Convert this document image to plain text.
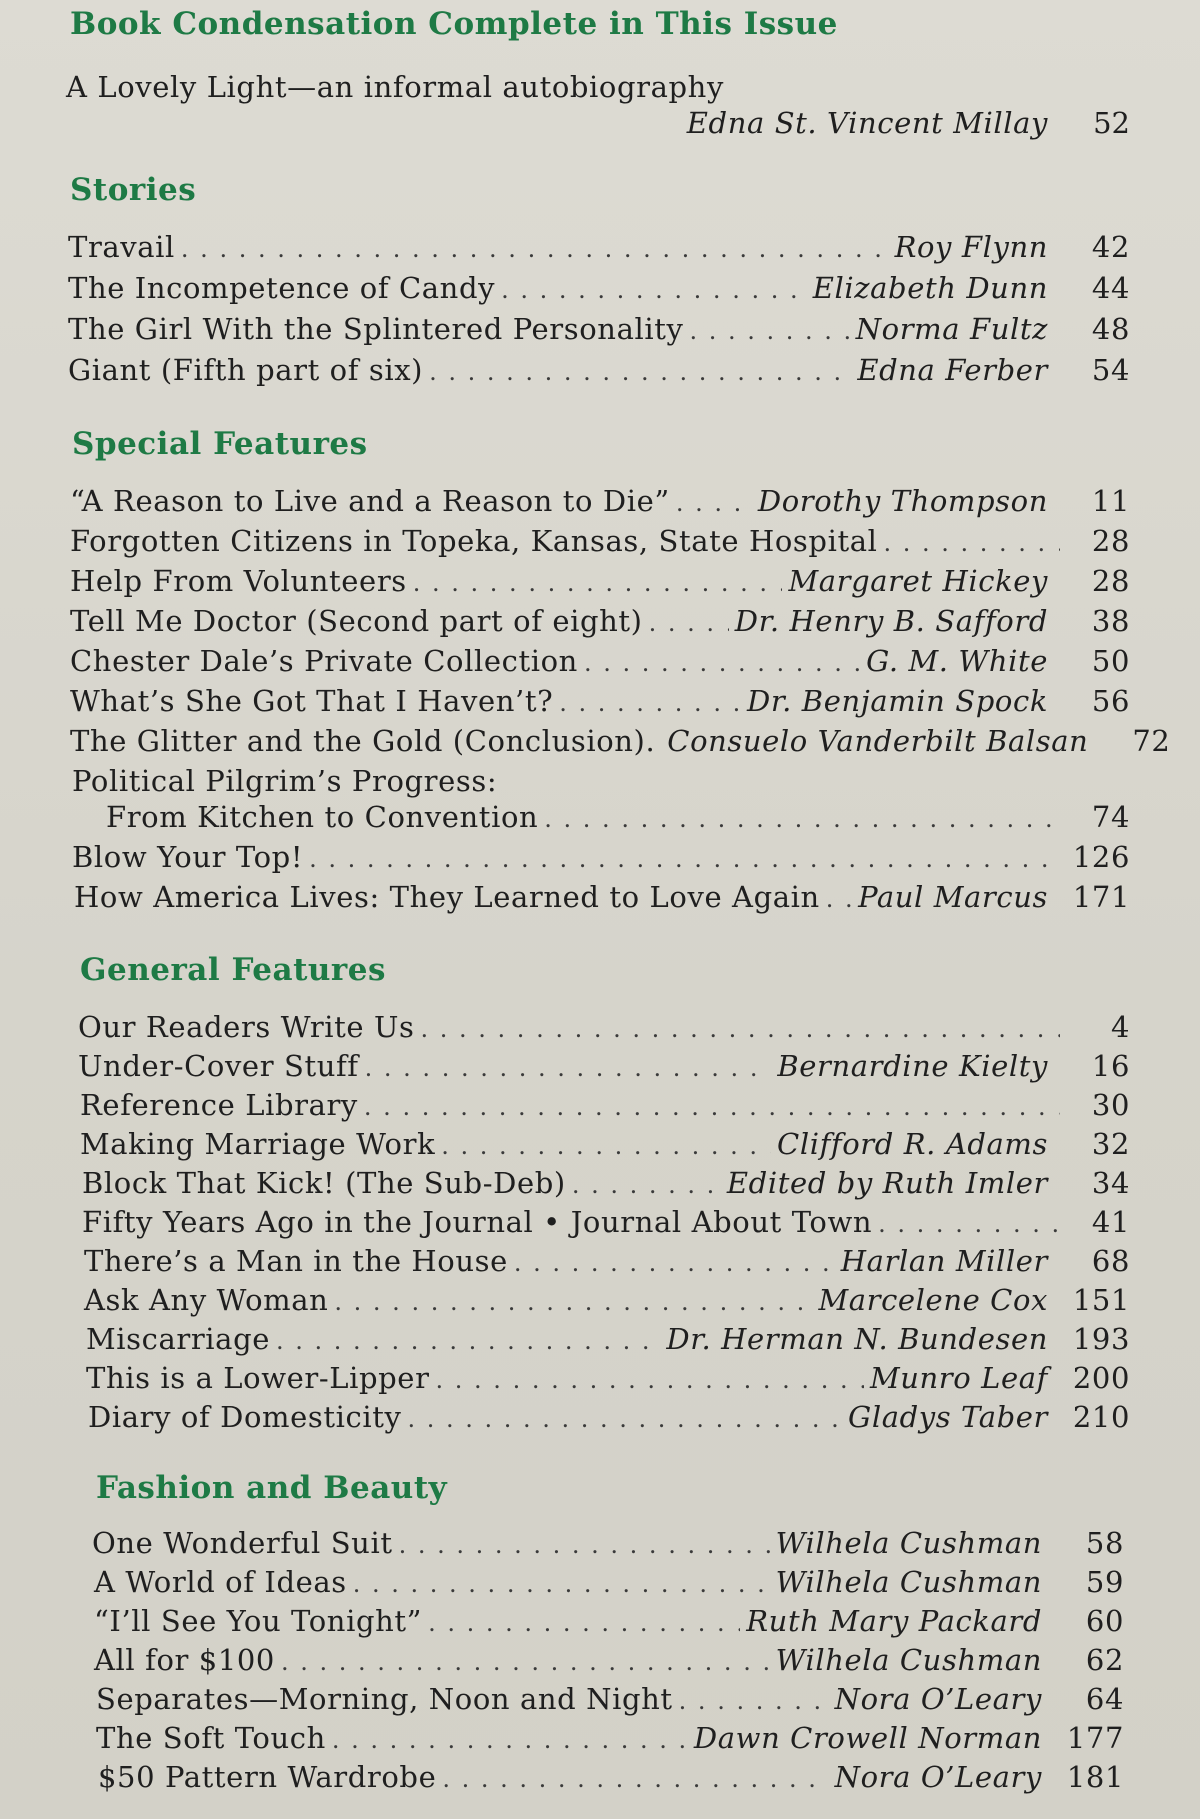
Book Condensation Complete in This Issue
A Lovely Light—an informal autobiography
Edna St. Vincent Millay	52
Stories
Travail . . .	Roy Flynn	42
The Incompetence of Candy . . .	Elizabeth Dunn	44
The Girl With the Splintered Personality . . .	Norma Fultz	48
Giant (Fifth part of six) . . .	Edna Ferber	54
Special Features
“A Reason to Live and a Reason to Die” . . .	Dorothy Thompson	11
Forgotten Citizens in Topeka, Kansas, State Hospital . . .	28
Help From Volunteers . . .	Margaret Hickey	28
Tell Me Doctor (Second part of eight) . . .	Dr. Henry B. Safford	38
Chester Dale’s Private Collection . . .	G. M. White	50
What’s She Got That I Haven’t? . . .	Dr. Benjamin Spock	56
The Glitter and the Gold (Conclusion). Consuelo Vanderbilt Balsan	72
Political Pilgrim’s Progress:
From Kitchen to Convention . . .	74
Blow Your Top! . . .	126
How America Lives: They Learned to Love Again . . . Paul Marcus 171
General Features
Our Readers Write Us . . .	4
Under-Cover Stuff . . .	Bernardine Kielty	16
Reference Library . . .	30
Making Marriage Work . . .	Clifford R. Adams	32
Block That Kick! (The Sub-Deb) . . .	Edited by Ruth Imler	34
Fifty Years Ago in the Journal • Journal About Town . . .	41
There’s a Man in the House . . .	Harlan Miller	68
Ask Any Woman . . .	Marcelene Cox 151
Miscarriage . . .	Dr. Herman N. Bundesen 193
This is a Lower-Lipper . . .	Munro Leaf 200
Diary of Domesticity . . .	Gladys Taber 210
Fashion and Beauty
One Wonderful Suit . . .	Wilhela Cushman	58
A World of Ideas . . .	Wilhela Cushman	59
“I’ll See You Tonight” . . .	Ruth Mary Packard	60
All for $100 . . .	Wilhela Cushman	62
Separates—Morning, Noon and Night . . .	Nora O’Leary	64
The Soft Touch . . .	Dawn Crowell Norman 177
$50 Pattern Wardrobe . . .	Nora O’Leary 181
